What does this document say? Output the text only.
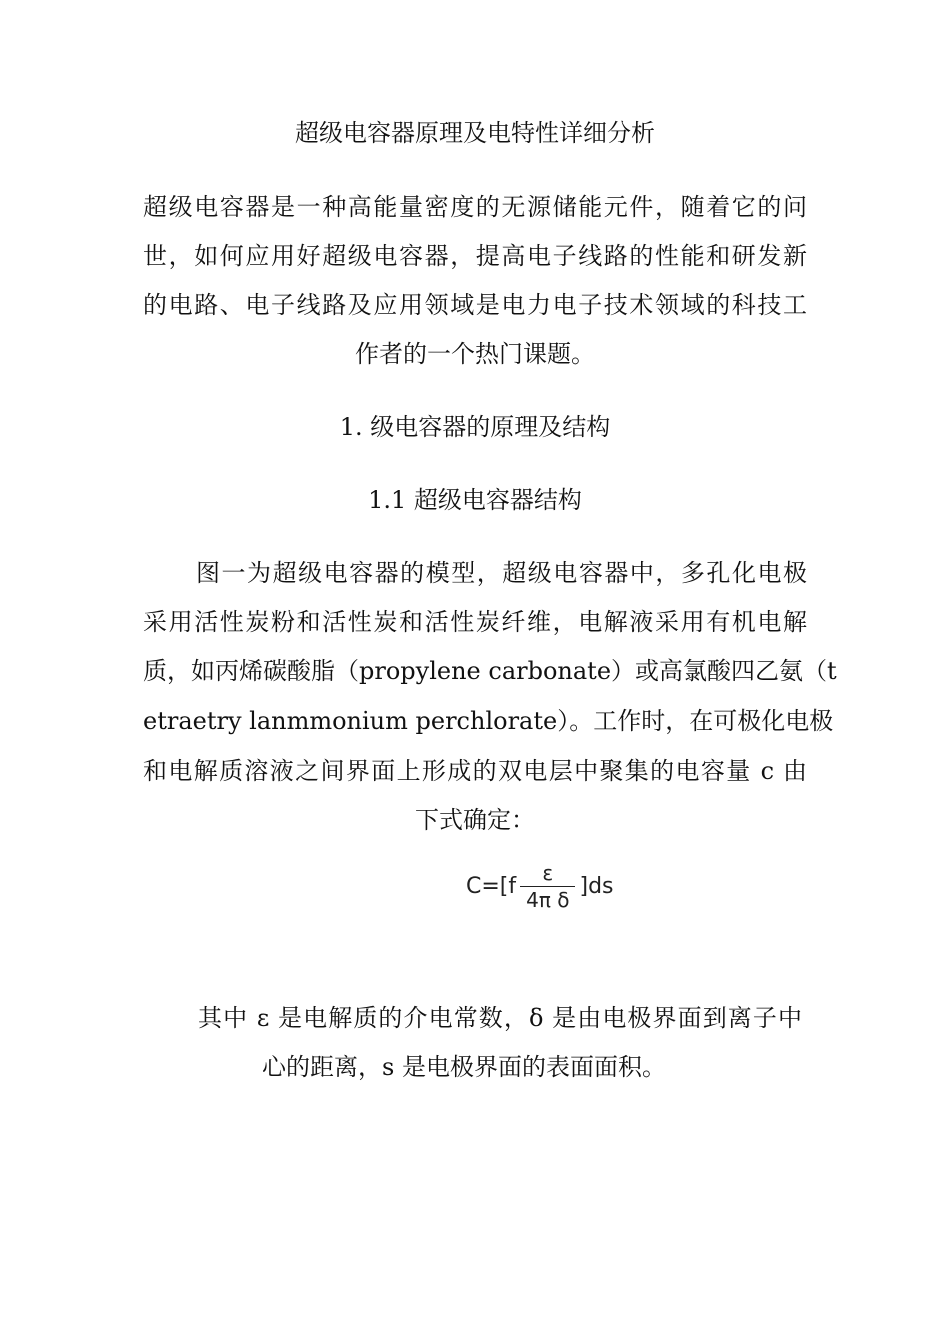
超级电容器原理及电特性详细分析
超级电容器是一种高能量密度的无源储能元件，随着它的问
世，如何应用好超级电容器，提高电子线路的性能和研发新
的电路、电子线路及应用领域是电力电子技术领域的科技工
作者的一个热门课题。
1. 级电容器的原理及结构
1.1 超级电容器结构
图一为超级电容器的模型，超级电容器中，多孔化电极
采用活性炭粉和活性炭和活性炭纤维，电解液采用有机电解
质，如丙烯碳酸脂（propylene carbonate）或高氯酸四乙氨（t
etraetry lanmmonium perchlorate）。工作时，在可极化电极
和电解质溶液之间界面上形成的双电层中聚集的电容量 c 由
下式确定：
$C=[f \frac{\varepsilon}{\text{4π δ}} ]ds$
其中 ε 是电解质的介电常数，δ 是由电极界面到离子中
心的距离，s 是电极界面的表面面积。
